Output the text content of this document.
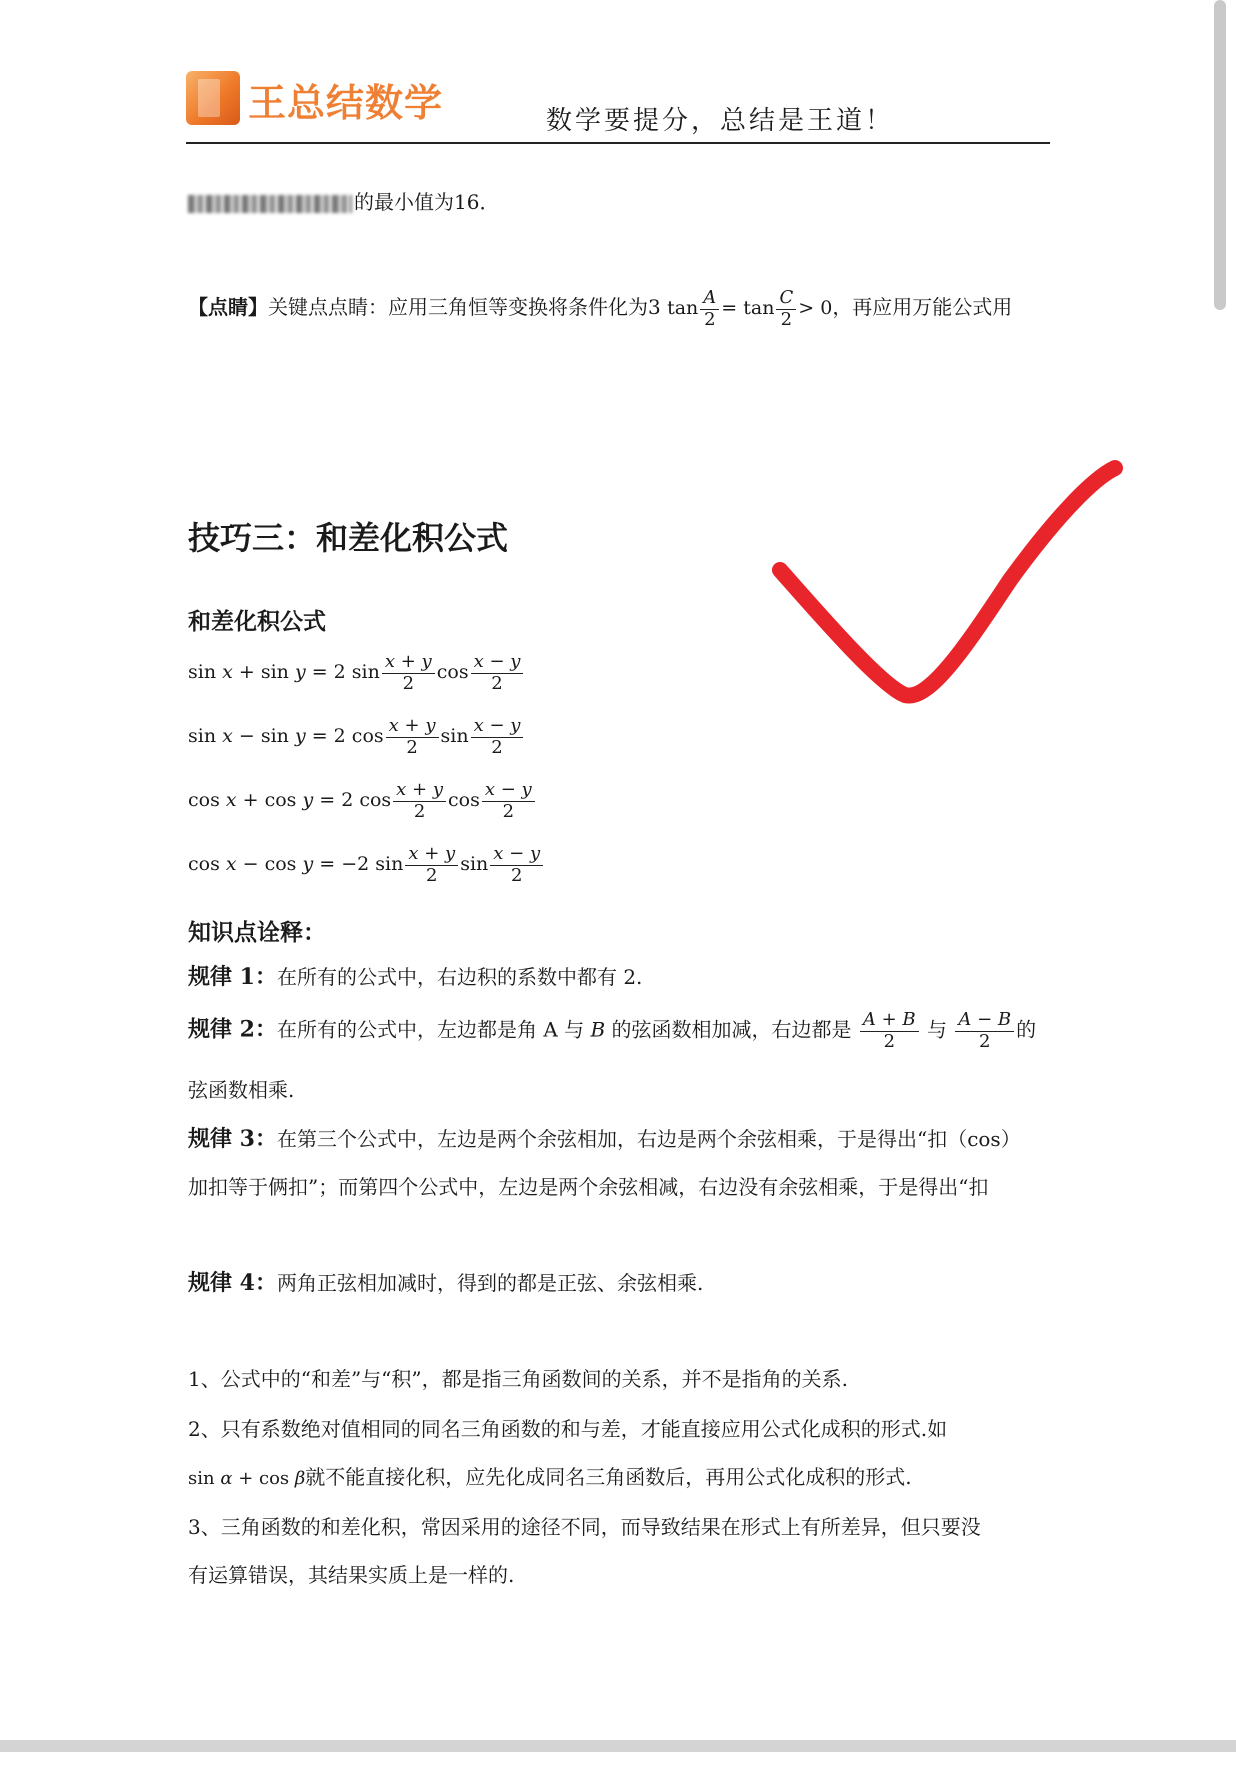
王总结数学	数学要提分，总结是王道！
的最小值为16．
【点睛】关键点点睛：应用三角恒等变换将条件化为3 $\tan \frac{A}{2} = \tan \frac{C}{2} > 0$，再应用万能公式用
技巧三：和差化积公式
和差化积公式
sin x + sin y = 2 $\sin \frac{x + y}{2}$ $\cos \frac{x - y}{2}$
sin x − sin y = 2 $\cos \frac{x + y}{2}$ $\sin \frac{x - y}{2}$
cos x + cos y = 2 $\cos \frac{x + y}{2}$ $\cos \frac{x - y}{2}$
cos x − cos y = −2 $\sin \frac{x + y}{2}$ $\sin \frac{x - y}{2}$
知识点诠释：
规律 1：在所有的公式中，右边积的系数中都有 2.
规律 2：在所有的公式中，左边都是角 A 与 B 的弦函数相加减，右边都是 $\frac{A + B}{2}$ 与 $\frac{A - B}{2}$ 的
弦函数相乘.
规律 3：在第三个公式中，左边是两个余弦相加，右边是两个余弦相乘，于是得出“扣（cos）
加扣等于俩扣”；而第四个公式中，左边是两个余弦相减，右边没有余弦相乘，于是得出“扣
规律 4：两角正弦相加减时，得到的都是正弦、余弦相乘.
1、公式中的“和差”与“积”，都是指三角函数间的关系，并不是指角的关系.
2、只有系数绝对值相同的同名三角函数的和与差，才能直接应用公式化成积的形式.如
sin α + cos β就不能直接化积，应先化成同名三角函数后，再用公式化成积的形式.
3、三角函数的和差化积，常因采用的途径不同，而导致结果在形式上有所差异，但只要没
有运算错误，其结果实质上是一样的.
